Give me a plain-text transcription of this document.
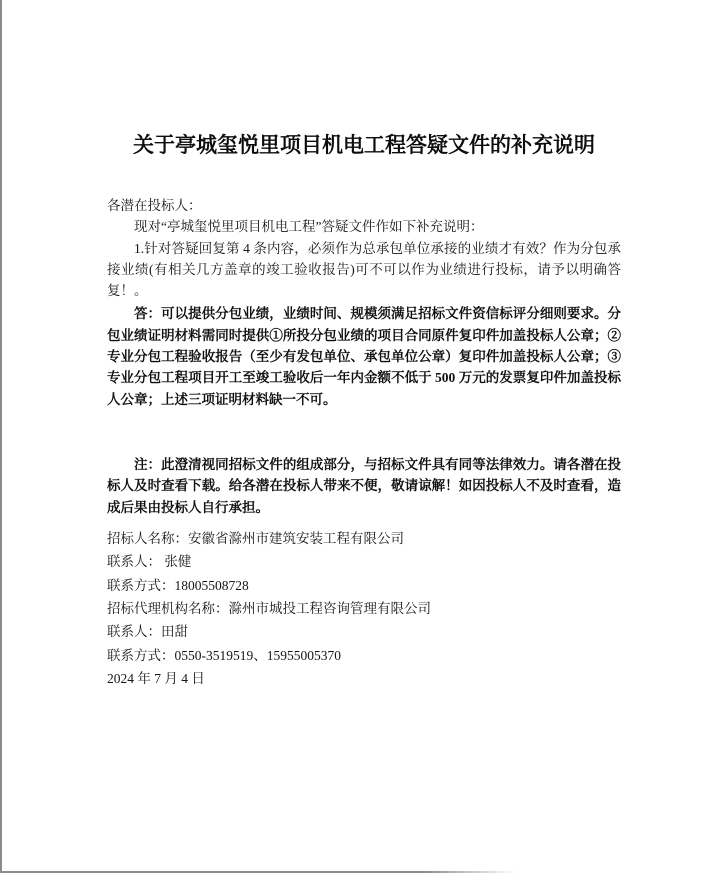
关于亭城玺悦里项目机电工程答疑文件的补充说明

各潜在投标人：

现对“亭城玺悦里项目机电工程”答疑文件作如下补充说明：

1.针对答疑回复第 4 条内容，必须作为总承包单位承接的业绩才有效？作为分包承接业绩(有相关几方盖章的竣工验收报告)可不可以作为业绩进行投标，请予以明确答复！。

答：可以提供分包业绩，业绩时间、规模须满足招标文件资信标评分细则要求。分包业绩证明材料需同时提供①所投分包业绩的项目合同原件复印件加盖投标人公章；②专业分包工程验收报告（至少有发包单位、承包单位公章）复印件加盖投标人公章；③专业分包工程项目开工至竣工验收后一年内金额不低于 500 万元的发票复印件加盖投标人公章；上述三项证明材料缺一不可。

注：此澄清视同招标文件的组成部分，与招标文件具有同等法律效力。请各潜在投标人及时查看下载。给各潜在投标人带来不便，敬请谅解！如因投标人不及时查看，造成后果由投标人自行承担。

招标人名称：安徽省滁州市建筑安装工程有限公司

联系人： 张健

联系方式：18005508728

招标代理机构名称：滁州市城投工程咨询管理有限公司

联系人：田甜

联系方式：0550-3519519、15955005370

2024 年 7 月 4 日
